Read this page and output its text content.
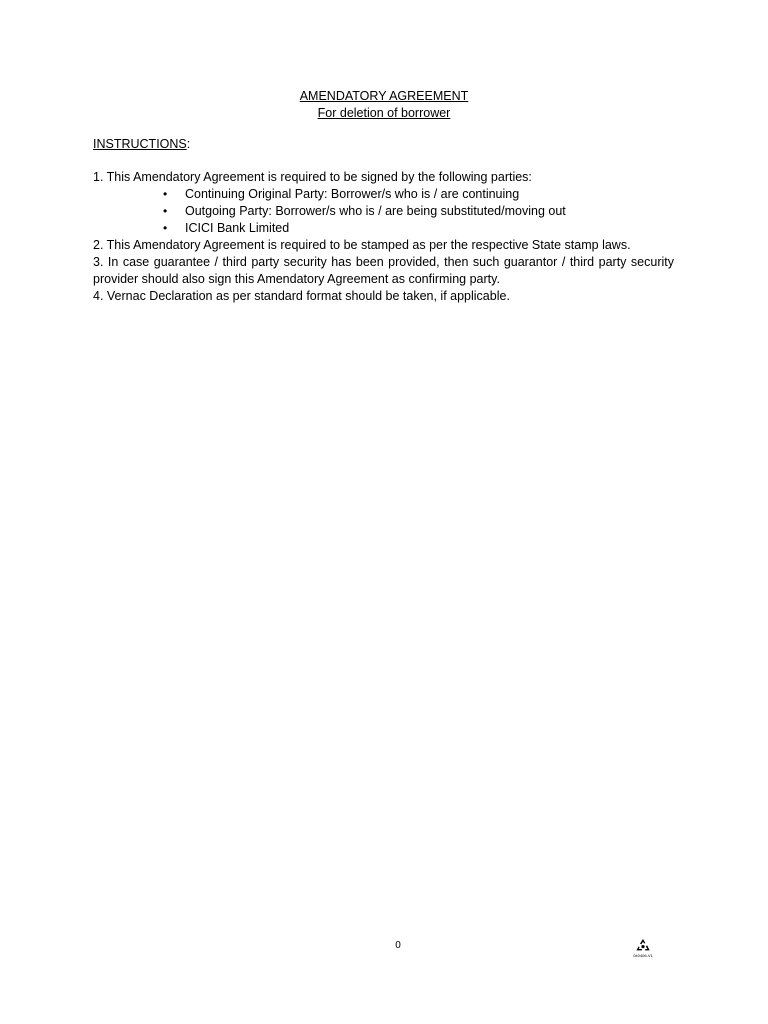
AMENDATORY AGREEMENT
For deletion of borrower

INSTRUCTIONS:

1. This Amendatory Agreement is required to be signed by the following parties:

• Continuing Original Party: Borrower/s who is / are continuing
• Outgoing Party: Borrower/s who is / are being substituted/moving out
• ICICI Bank Limited

2. This Amendatory Agreement is required to be stamped as per the respective State stamp laws.

3. In case guarantee / third party security has been provided, then such guarantor / third party security provider should also sign this Amendatory Agreement as confirming party.

4. Vernac Declaration as per standard format should be taken, if applicable.

0
040406-V1
